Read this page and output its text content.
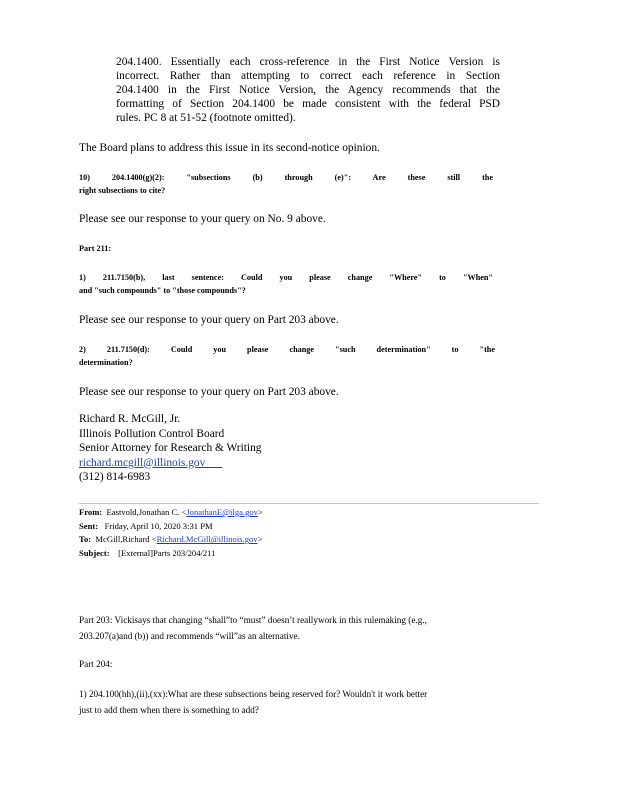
204.1400. Essentially each cross-reference in the First Notice Version is

incorrect. Rather than attempting to correct each reference in Section

204.1400 in the First Notice Version, the Agency recommends that the

formatting of Section 204.1400 be made consistent with the federal PSD

rules. PC 8 at 51-52 (footnote omitted).

The Board plans to address this issue in its second-notice opinion.
10) 204.1400(g)(2): "subsections (b) through (e)": Are these still the
right subsections to cite?
Please see our response to your query on No. 9 above.
Part 211:
1) 211.7150(b), last sentence: Could you please change "Where" to "When"
and "such compounds" to "those compounds"?
Please see our response to your query on Part 203 above.
2) 211.7150(d): Could you please change "such determination" to "the
determination?
Please see our response to your query on Part 203 above.
Richard R. McGill, Jr.
Illinois Pollution Control Board
Senior Attorney for Research & Writing
richard.mcgill@illinois.gov
(312) 814-6983
From: Eastvold,Jonathan C. <JonathanE@ilga.gov>
Sent: Friday, April 10, 2020 3:31 PM
To: McGill,Richard <Richard.McGill@illinois.gov>
Subject: [External]Parts 203/204/211
Part 203: Vickisays that changing “shall”to “must” doesn’t reallywork in this rulemaking (e.g.,
203.207(a)and (b)) and recommends “will”as an alternative.
Part 204:
1) 204.100(hh),(ii),(xx):What are these subsections being reserved for? Wouldn't it work better
just to add them when there is something to add?
